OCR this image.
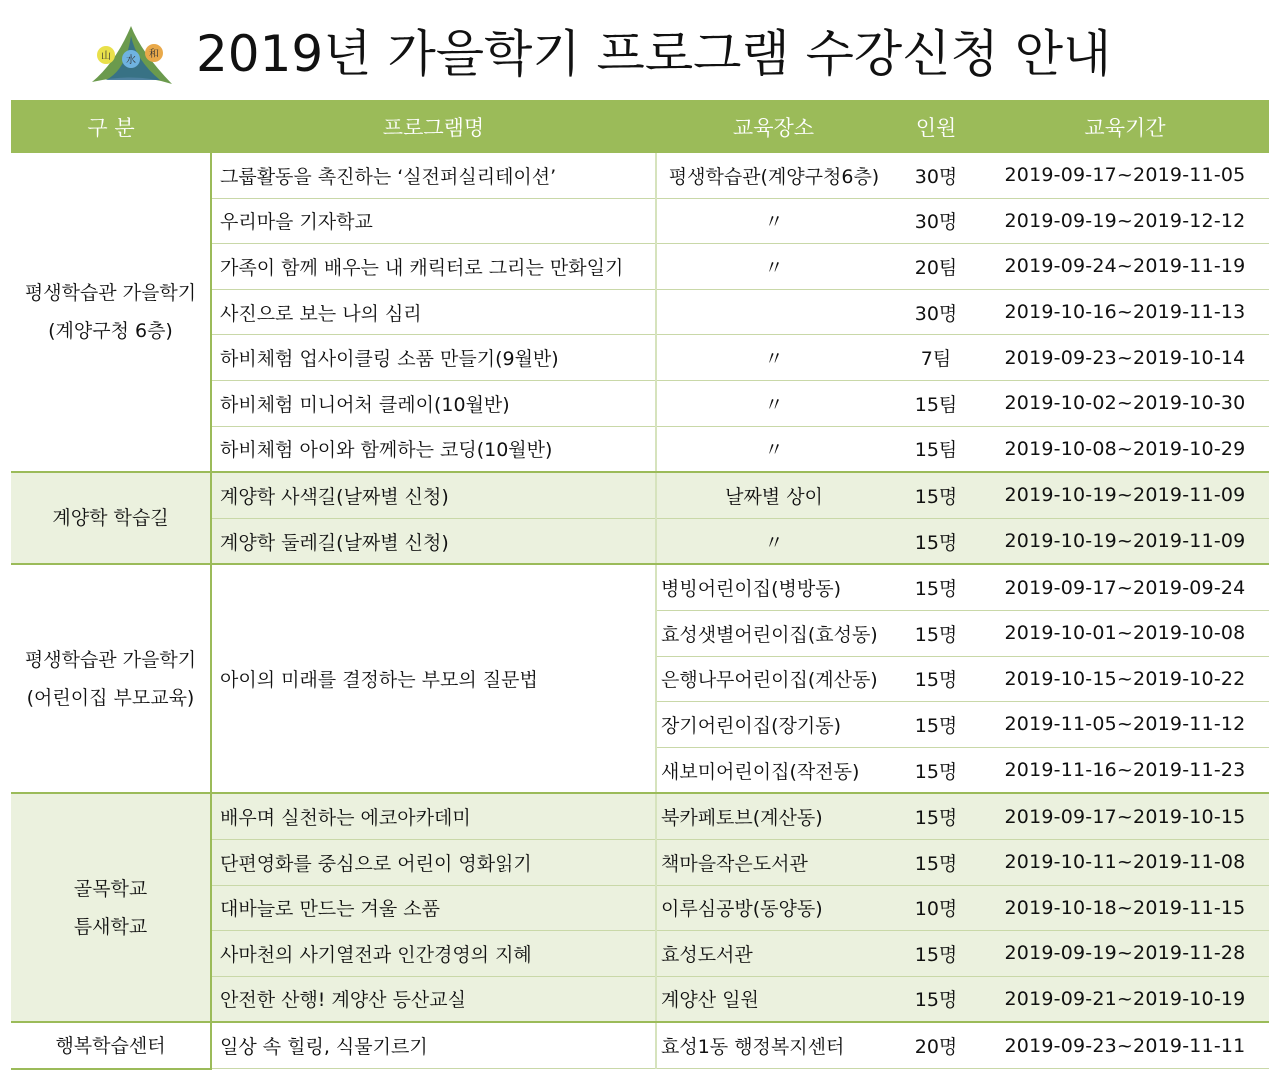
山 水
和 2019년 가을학기 프로그램 수강신청 안내
구 분	프로그램명	교육장소	인원	교육기간

평생학습관 가을학기
(계양구청 6층)	그룹활동을 촉진하는 ‘실전퍼실리테이션’	평생학습관(계양구청6층)	30명	2019-09-17~2019-11-05
	우리마을 기자학교	〃	30명	2019-09-19~2019-12-12
	가족이 함께 배우는 내 캐릭터로 그리는 만화일기	〃	20팀	2019-09-24~2019-11-19
	사진으로 보는 나의 심리		30명	2019-10-16~2019-11-13
	하비체험 업사이클링 소품 만들기(9월반)	〃	7팀	2019-09-23~2019-10-14
	하비체험 미니어처 클레이(10월반)	〃	15팀	2019-10-02~2019-10-30
	하비체험 아이와 함께하는 코딩(10월반)	〃	15팀	2019-10-08~2019-10-29

계양학 학습길	계양학 사색길(날짜별 신청)	날짜별 상이	15명	2019-10-19~2019-11-09
	계양학 둘레길(날짜별 신청)	〃	15명	2019-10-19~2019-11-09

평생학습관 가을학기
(어린이집 부모교육)	아이의 미래를 결정하는 부모의 질문법	병빙어린이집(병방동)	15명	2019-09-17~2019-09-24
		효성샛별어린이집(효성동)	15명	2019-10-01~2019-10-08
		은행나무어린이집(계산동)	15명	2019-10-15~2019-10-22
		장기어린이집(장기동)	15명	2019-11-05~2019-11-12
		새보미어린이집(작전동)	15명	2019-11-16~2019-11-23

골목학교
틈새학교	배우며 실천하는 에코아카데미	북카페토브(계산동)	15명	2019-09-17~2019-10-15
	단편영화를 중심으로 어린이 영화읽기	책마을작은도서관	15명	2019-10-11~2019-11-08
	대바늘로 만드는 겨울 소품	이루심공방(동양동)	10명	2019-10-18~2019-11-15
	사마천의 사기열전과 인간경영의 지혜	효성도서관	15명	2019-09-19~2019-11-28
	안전한 산행! 계양산 등산교실	계양산 일원	15명	2019-09-21~2019-10-19

행복학습센터	일상 속 힐링, 식물기르기	효성1동 행정복지센터	20명	2019-09-23~2019-11-11
